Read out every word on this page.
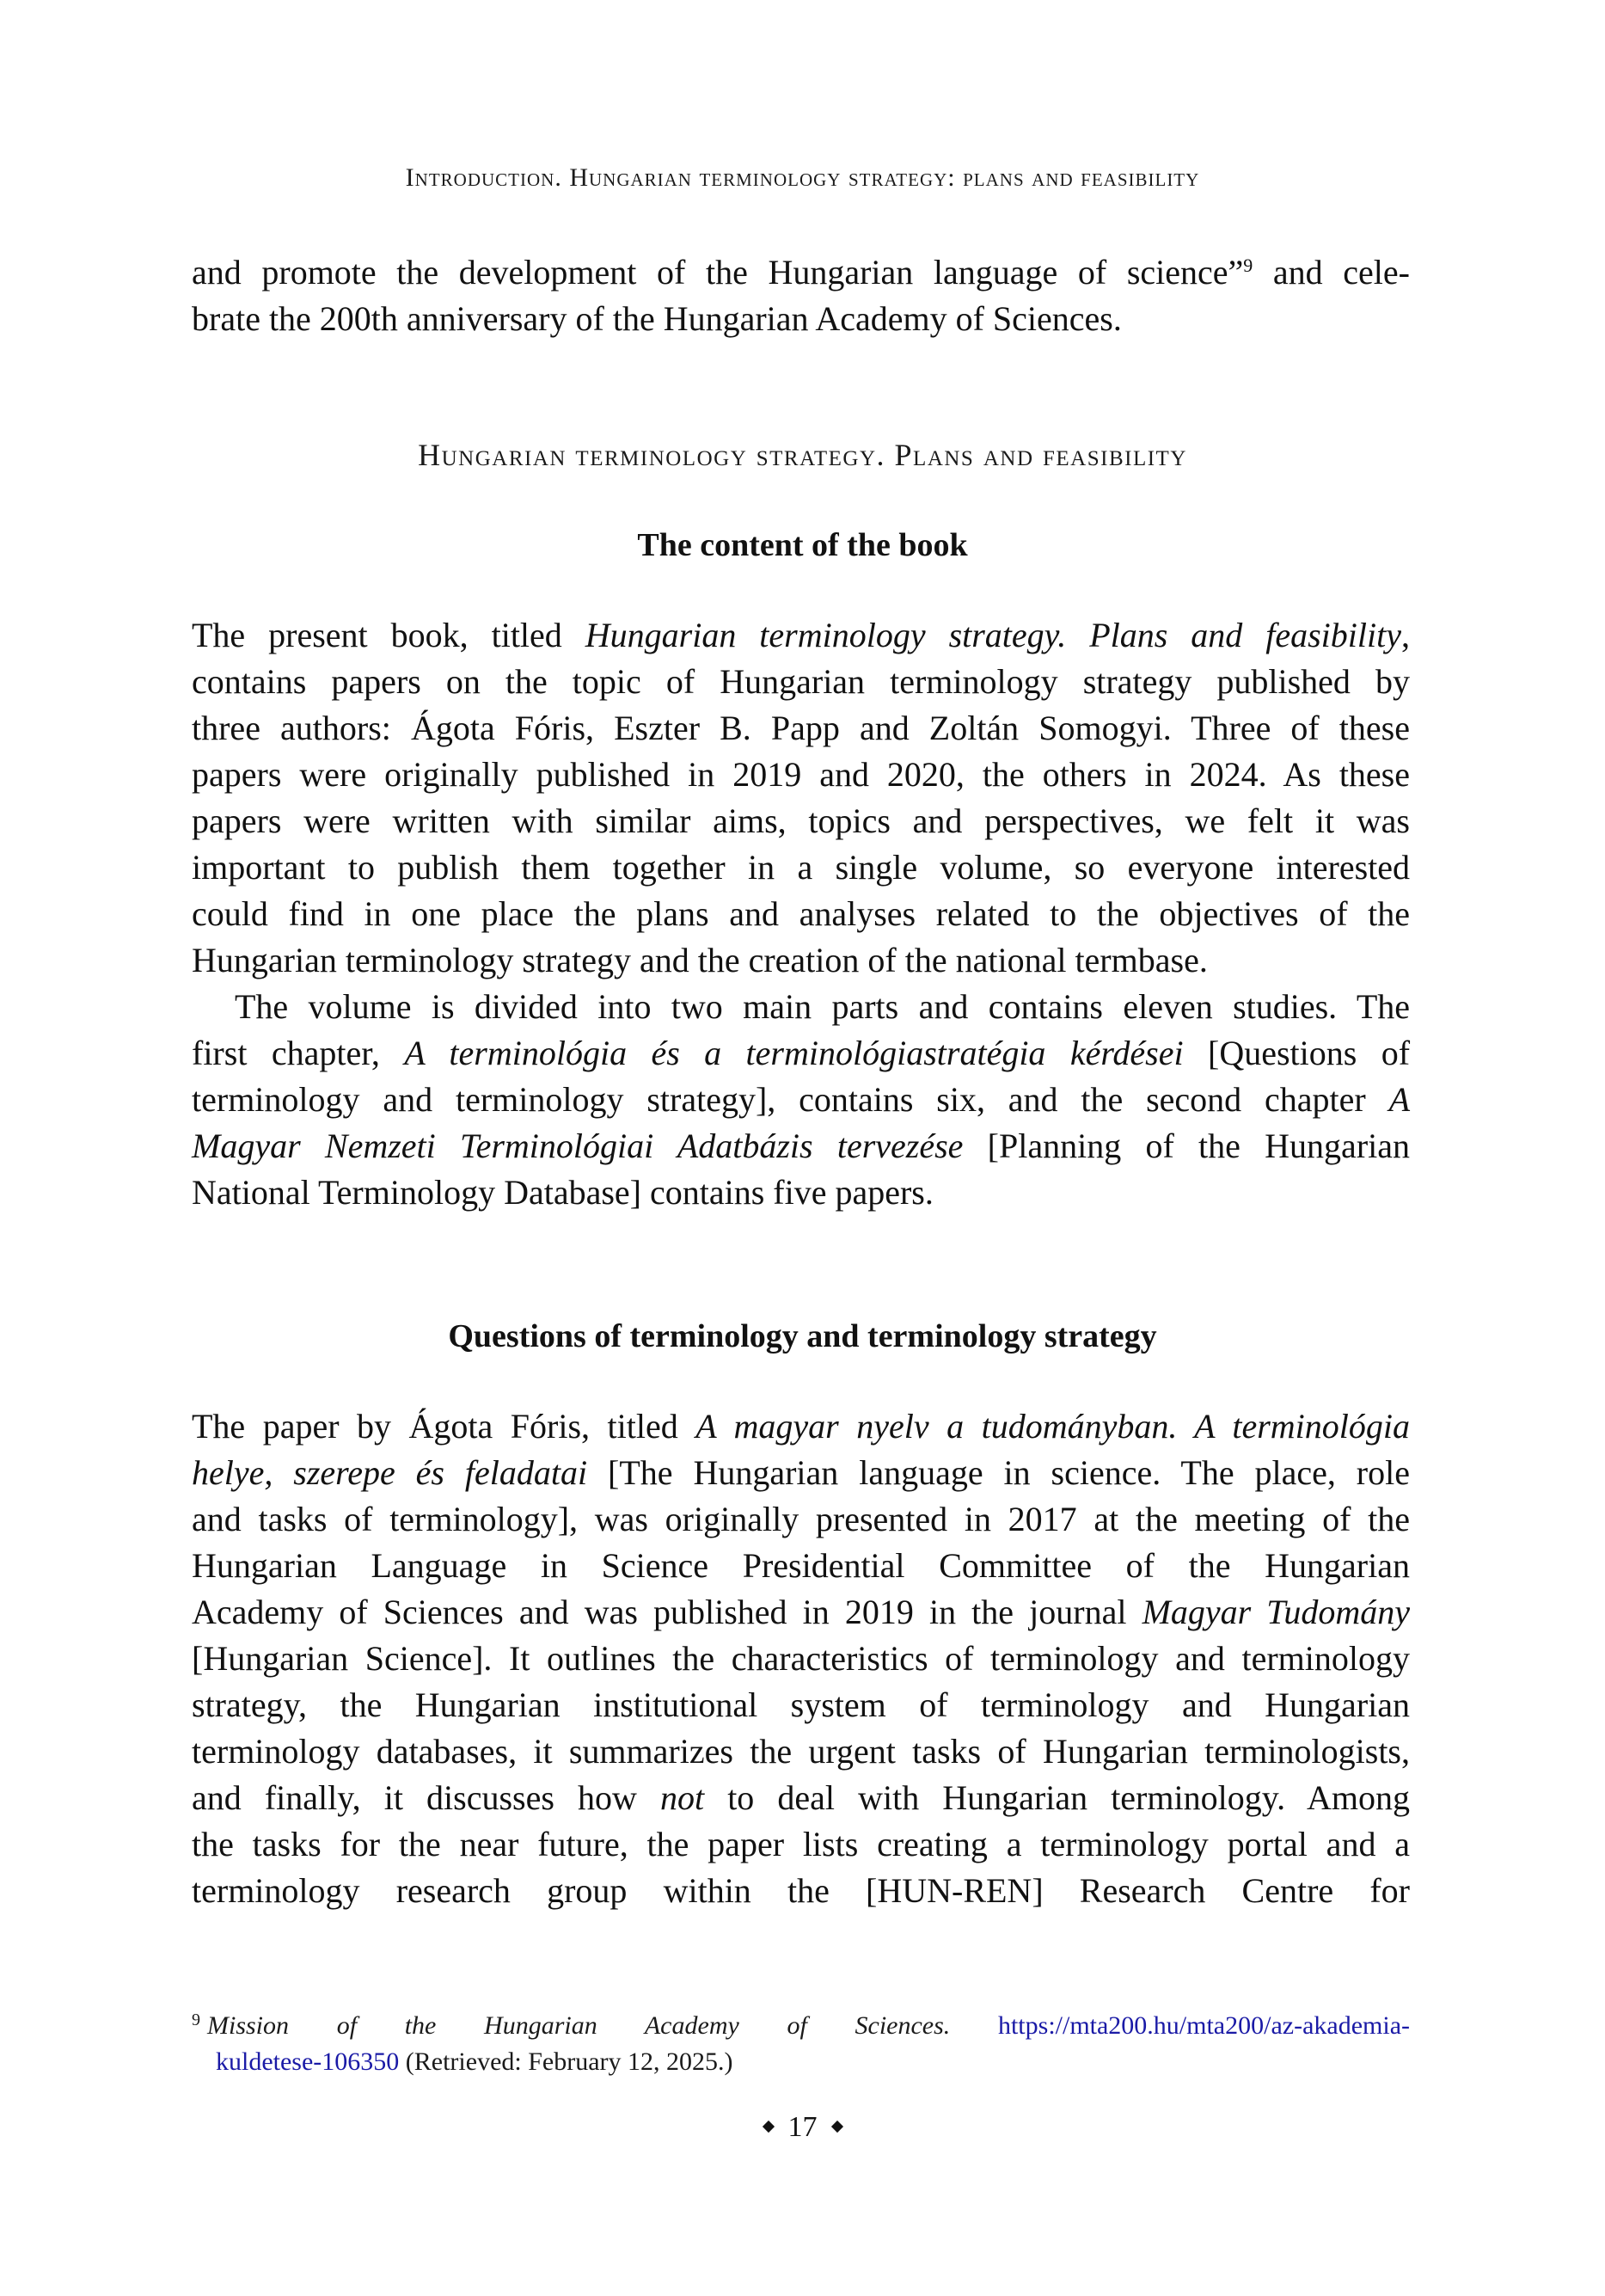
Introduction. Hungarian terminology strategy: plans and feasibility
and promote the development of the Hungarian language of science”$^9$ and cele-
brate the 200th anniversary of the Hungarian Academy of Sciences.
Hungarian terminology strategy. Plans and feasibility
The content of the book
The present book, titled Hungarian terminology strategy. Plans and feasibility,
contains papers on the topic of Hungarian terminology strategy published by
three authors: Ágota Fóris, Eszter B. Papp and Zoltán Somogyi. Three of these
papers were originally published in 2019 and 2020, the others in 2024. As these
papers were written with similar aims, topics and perspectives, we felt it was
important to publish them together in a single volume, so everyone interested
could find in one place the plans and analyses related to the objectives of the
Hungarian terminology strategy and the creation of the national termbase.
The volume is divided into two main parts and contains eleven studies. The
first chapter, A terminológia és a terminológiastratégia kérdései [Questions of
terminology and terminology strategy], contains six, and the second chapter A
Magyar Nemzeti Terminológiai Adatbázis tervezése [Planning of the Hungarian
National Terminology Database] contains five papers.
Questions of terminology and terminology strategy
The paper by Ágota Fóris, titled A magyar nyelv a tudományban. A terminológia
helye, szerepe és feladatai [The Hungarian language in science. The place, role
and tasks of terminology], was originally presented in 2017 at the meeting of the
Hungarian Language in Science Presidential Committee of the Hungarian
Academy of Sciences and was published in 2019 in the journal Magyar Tudomány
[Hungarian Science]. It outlines the characteristics of terminology and terminology
strategy, the Hungarian institutional system of terminology and Hungarian
terminology databases, it summarizes the urgent tasks of Hungarian terminologists,
and finally, it discusses how not to deal with Hungarian terminology. Among
the tasks for the near future, the paper lists creating a terminology portal and a
terminology research group within the [HUN-REN] Research Centre for
$^9$ Mission of the Hungarian Academy of Sciences. https://mta200.hu/mta200/az-akademia-
kuldetese-106350 (Retrieved: February 12, 2025.)
17
